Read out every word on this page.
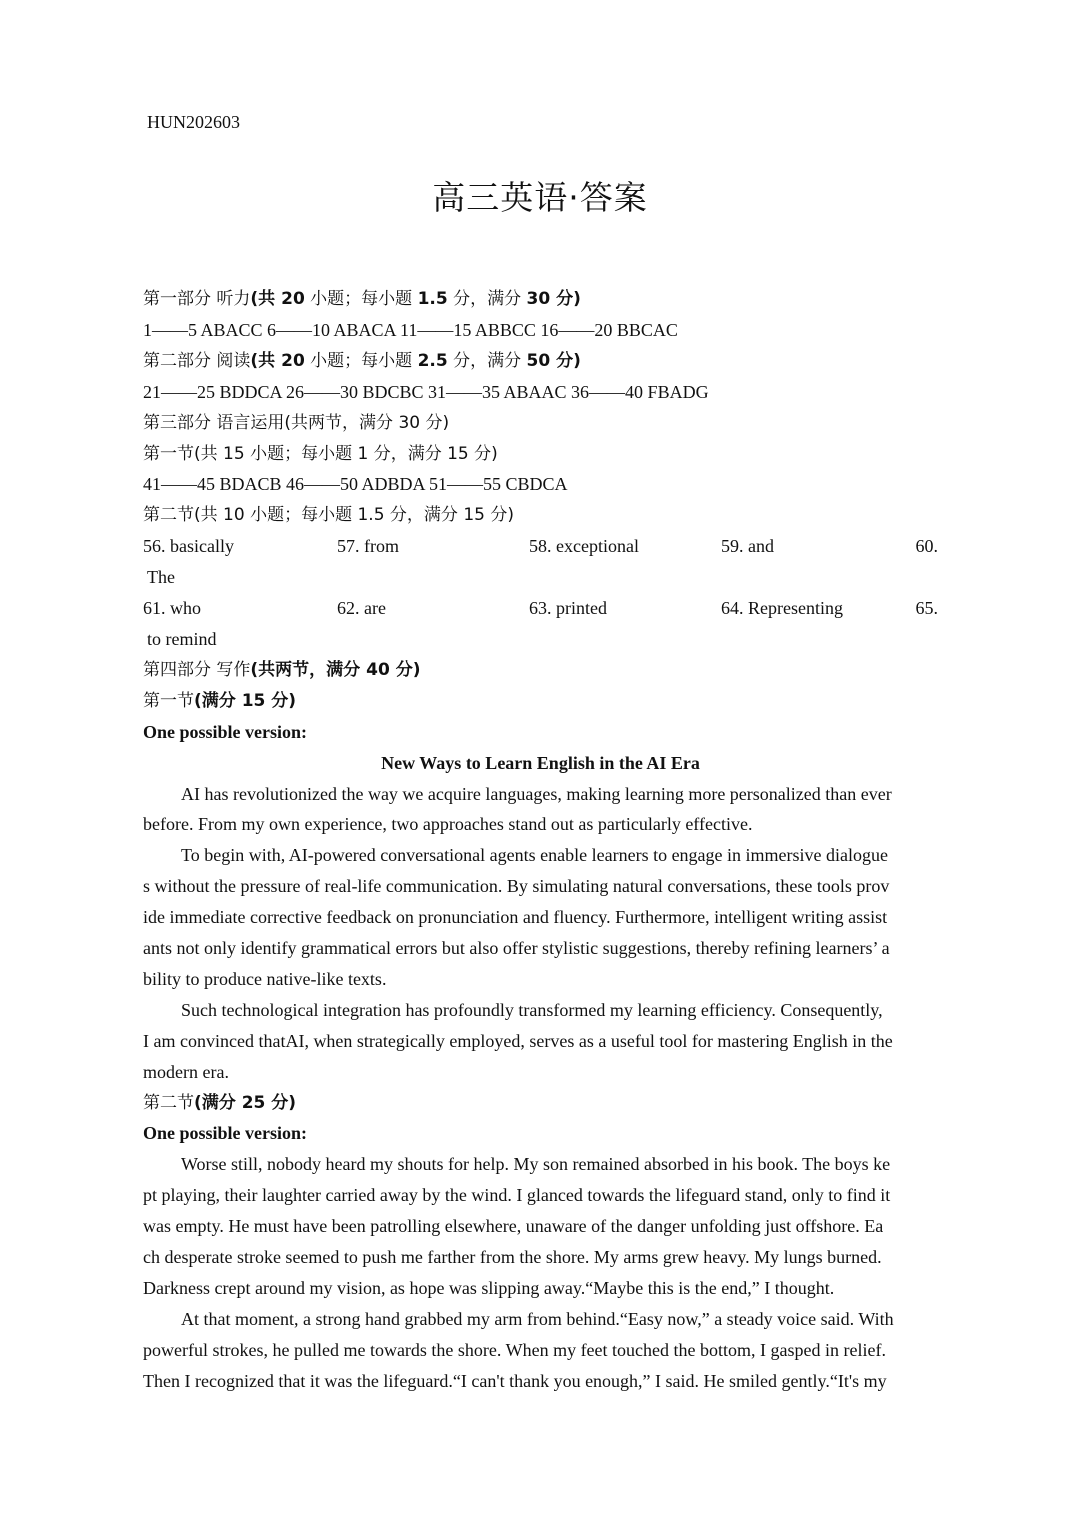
HUN202603
高三英语·答案
第一部分 听力(共 20 小题；每小题 1.5 分，满分 30 分)
1——5 ABACC 6——10 ABACA 11——15 ABBCC 16——20 BBCAC
第二部分 阅读(共 20 小题；每小题 2.5 分，满分 50 分)
21——25 BDDCA 26——30 BDCBC 31——35 ABAAC 36——40 FBADG
第三部分 语言运用(共两节，满分 30 分)
第一节(共 15 小题；每小题 1 分，满分 15 分)
41——45 BDACB 46——50 ADBDA 51——55 CBDCA
第二节(共 10 小题；每小题 1.5 分，满分 15 分)
56. basically	57. from	58. exceptional	59. and	60.
The
61. who	62. are	63. printed	64. Representing	65.
to remind
第四部分 写作(共两节，满分 40 分)
第一节(满分 15 分)
One possible version:
New Ways to Learn English in the AI Era
AI has revolutionized the way we acquire languages, making learning more personalized than ever
before. From my own experience, two approaches stand out as particularly effective.
To begin with, AI-powered conversational agents enable learners to engage in immersive dialogue
s without the pressure of real-life communication. By simulating natural conversations, these tools prov
ide immediate corrective feedback on pronunciation and fluency. Furthermore, intelligent writing assist
ants not only identify grammatical errors but also offer stylistic suggestions, thereby refining learners’ a
bility to produce native-like texts.
Such technological integration has profoundly transformed my learning efficiency. Consequently,
I am convinced thatAI, when strategically employed, serves as a useful tool for mastering English in the
modern era.
第二节(满分 25 分)
One possible version:
Worse still, nobody heard my shouts for help. My son remained absorbed in his book. The boys ke
pt playing, their laughter carried away by the wind. I glanced towards the lifeguard stand, only to find it
was empty. He must have been patrolling elsewhere, unaware of the danger unfolding just offshore. Ea
ch desperate stroke seemed to push me farther from the shore. My arms grew heavy. My lungs burned.
Darkness crept around my vision, as hope was slipping away.“Maybe this is the end,” I thought.
At that moment, a strong hand grabbed my arm from behind.“Easy now,” a steady voice said. With
powerful strokes, he pulled me towards the shore. When my feet touched the bottom, I gasped in relief.
Then I recognized that it was the lifeguard.“I can't thank you enough,” I said. He smiled gently.“It's my
